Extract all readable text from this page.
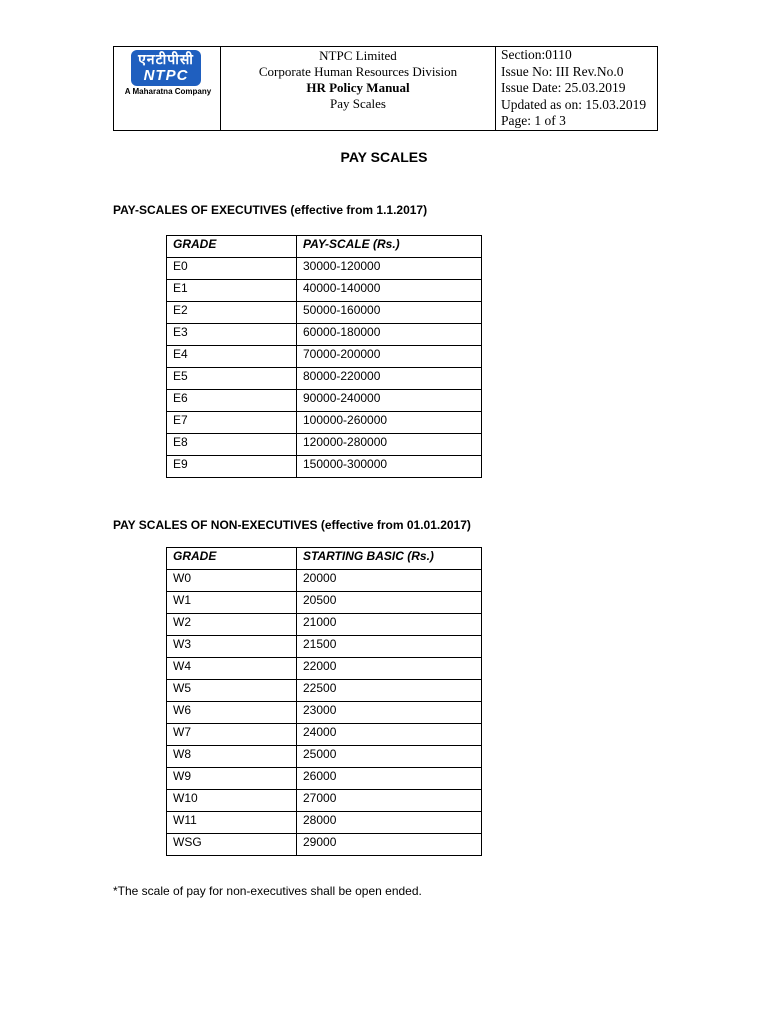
एनटीपीसी
NTPC
A Maharatna Company
NTPC Limited
Corporate Human Resources Division
HR Policy Manual
Pay Scales
Section:0110
Issue No: III Rev.No.0
Issue Date: 25.03.2019
Updated as on: 15.03.2019
Page: 1 of 3
PAY SCALES
PAY-SCALES OF EXECUTIVES (effective from 1.1.2017)
GRADE	PAY-SCALE (Rs.)
E0	30000-120000
E1	40000-140000
E2	50000-160000
E3	60000-180000
E4	70000-200000
E5	80000-220000
E6	90000-240000
E7	100000-260000
E8	120000-280000
E9	150000-300000
PAY SCALES OF NON-EXECUTIVES (effective from 01.01.2017)
GRADE	STARTING BASIC (Rs.)
W0	20000
W1	20500
W2	21000
W3	21500
W4	22000
W5	22500
W6	23000
W7	24000
W8	25000
W9	26000
W10	27000
W11	28000
WSG	29000
*The scale of pay for non-executives shall be open ended.
